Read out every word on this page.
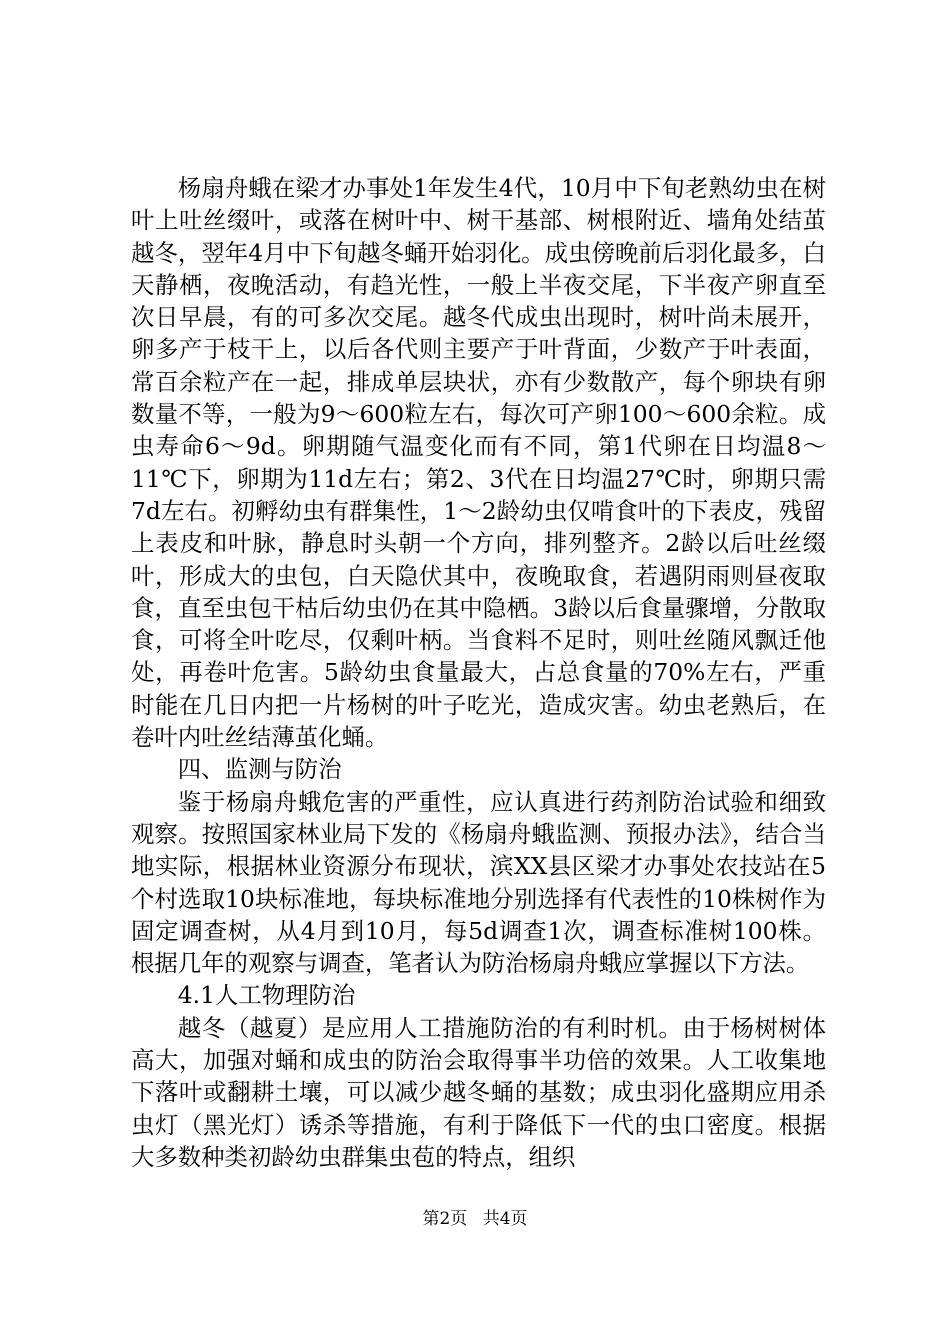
杨扇舟蛾在梁才办事处1年发生4代，10月中下旬老熟幼虫在树叶上吐丝缀叶，或落在树叶中、树干基部、树根附近、墙角处结茧越冬，翌年4月中下旬越冬蛹开始羽化。成虫傍晚前后羽化最多，白天静栖，夜晚活动，有趋光性，一般上半夜交尾，下半夜产卵直至次日早晨，有的可多次交尾。越冬代成虫出现时，树叶尚未展开，卵多产于枝干上，以后各代则主要产于叶背面，少数产于叶表面，常百余粒产在一起，排成单层块状，亦有少数散产，每个卵块有卵数量不等，一般为9～600粒左右，每次可产卵100～600余粒。成虫寿命6～9d。卵期随气温变化而有不同，第1代卵在日均温8～11℃下，卵期为11d左右；第2、3代在日均温27℃时，卵期只需7d左右。初孵幼虫有群集性，1～2龄幼虫仅啃食叶的下表皮，残留上表皮和叶脉，静息时头朝一个方向，排列整齐。2龄以后吐丝缀叶，形成大的虫包，白天隐伏其中，夜晚取食，若遇阴雨则昼夜取食，直至虫包干枯后幼虫仍在其中隐栖。3龄以后食量骤增，分散取食，可将全叶吃尽，仅剩叶柄。当食料不足时，则吐丝随风飘迁他处，再卷叶危害。5龄幼虫食量最大，占总食量的70%左右，严重时能在几日内把一片杨树的叶子吃光，造成灾害。幼虫老熟后，在卷叶内吐丝结薄茧化蛹。

四、监测与防治

鉴于杨扇舟蛾危害的严重性，应认真进行药剂防治试验和细致观察。按照国家林业局下发的《杨扇舟蛾监测、预报办法》，结合当地实际，根据林业资源分布现状，滨XX县区梁才办事处农技站在5个村选取10块标准地，每块标准地分别选择有代表性的10株树作为固定调查树，从4月到10月，每5d调查1次，调查标准树100株。根据几年的观察与调查，笔者认为防治杨扇舟蛾应掌握以下方法。

4.1人工物理防治

越冬（越夏）是应用人工措施防治的有利时机。由于杨树树体高大，加强对蛹和成虫的防治会取得事半功倍的效果。人工收集地下落叶或翻耕土壤，可以减少越冬蛹的基数；成虫羽化盛期应用杀虫灯（黑光灯）诱杀等措施，有利于降低下一代的虫口密度。根据大多数种类初龄幼虫群集虫苞的特点，组织

第2页 共4页
